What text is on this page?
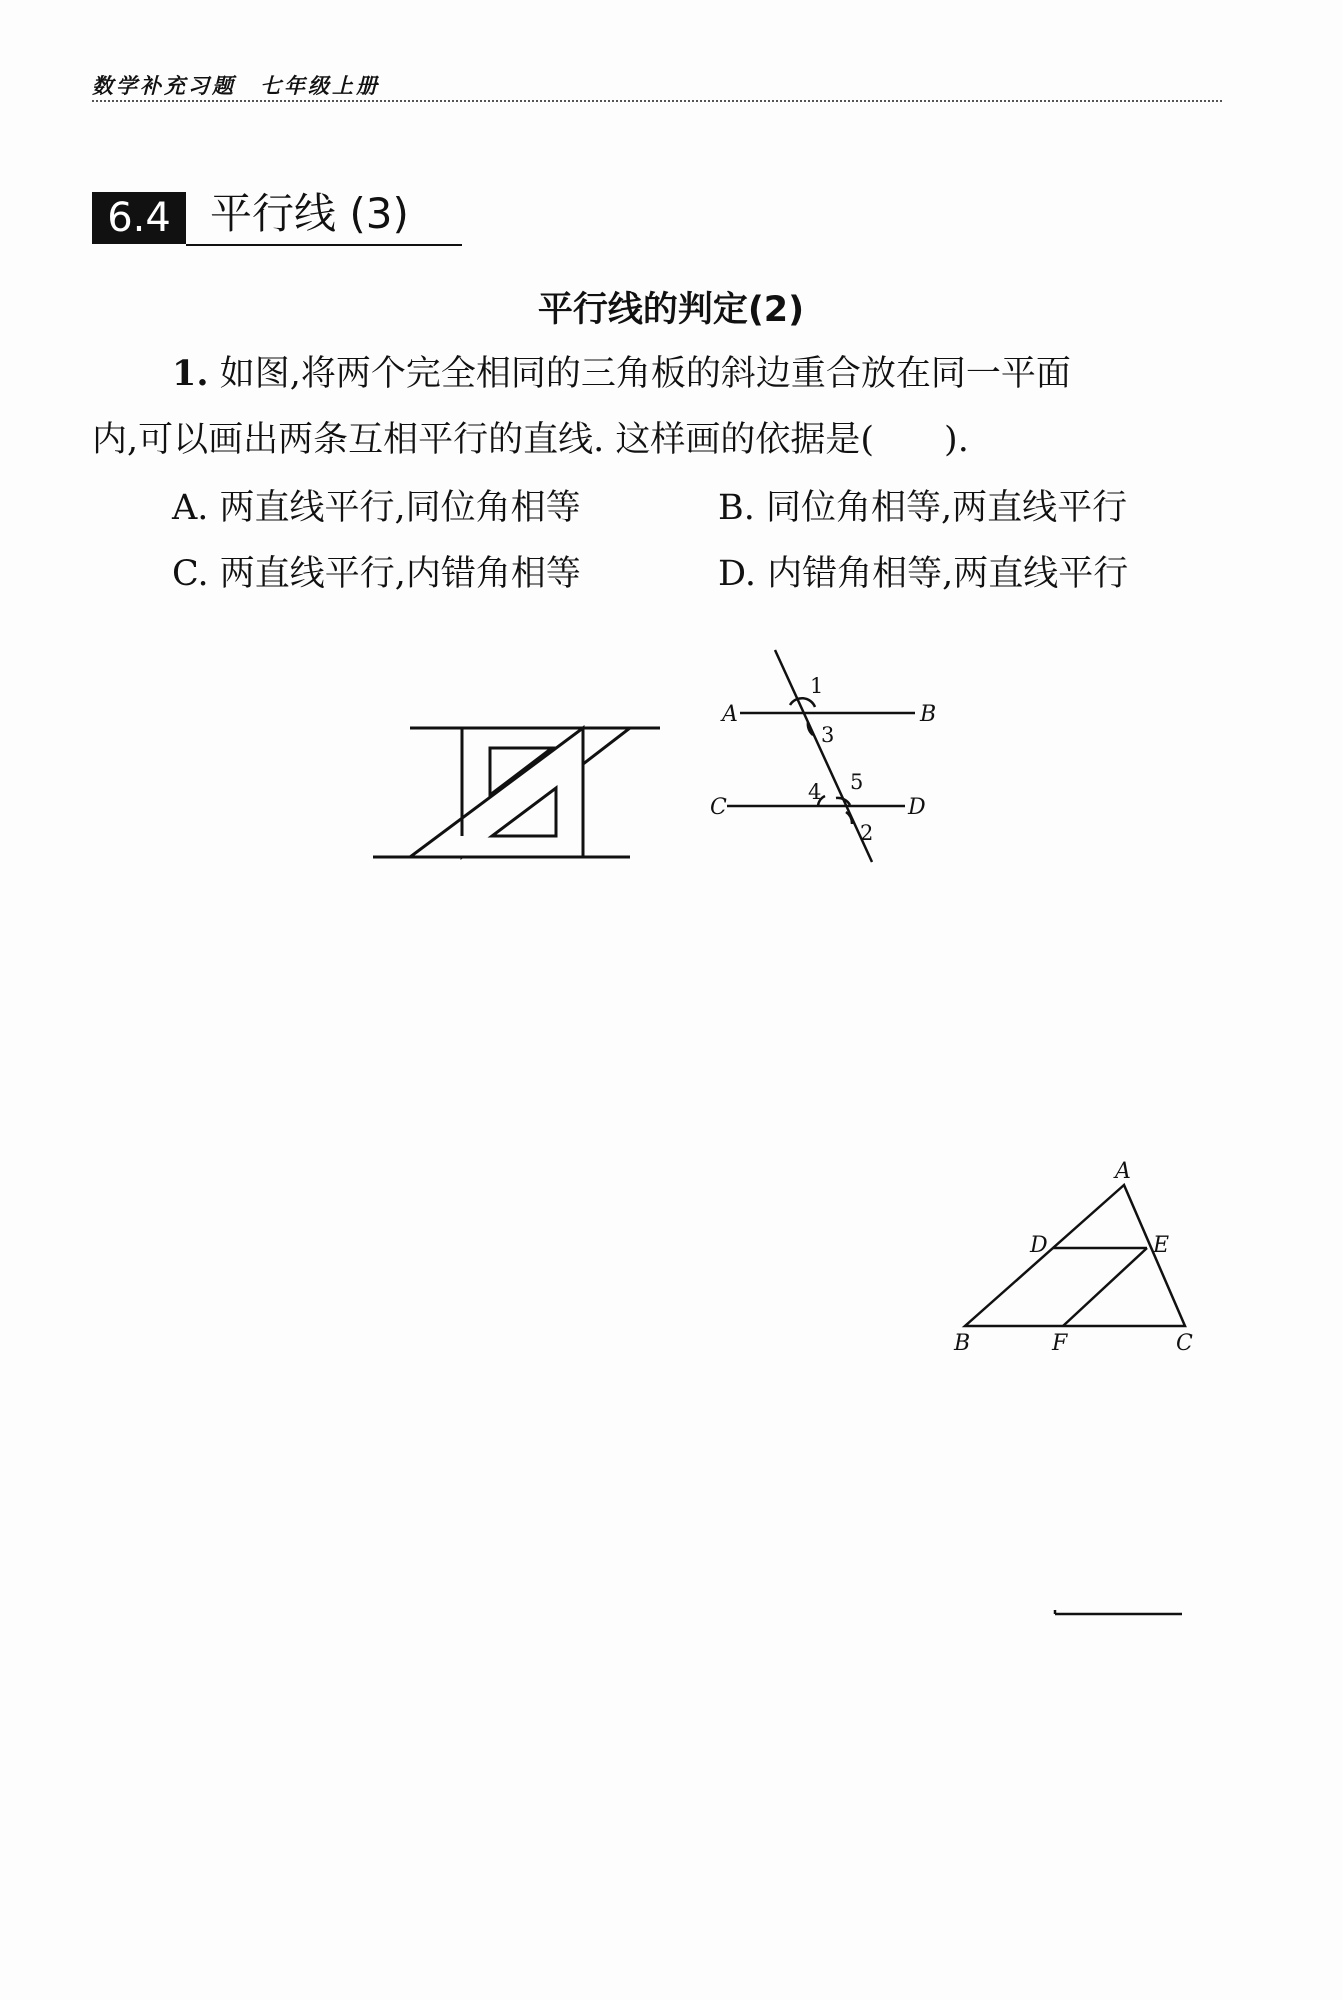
数学补充习题　七年级上册
6.4 平行线 (3)
平行线的判定(2)
1. 如图,将两个完全相同的三角板的斜边重合放在同一平面
内,可以画出两条互相平行的直线. 这样画的依据是(　　).
A. 两直线平行,同位角相等	B. 同位角相等,两直线平行
C. 两直线平行,内错角相等	D. 内错角相等,两直线平行
A	B
C	D
1
2
3
4 5
A
B	C
D	E
F
